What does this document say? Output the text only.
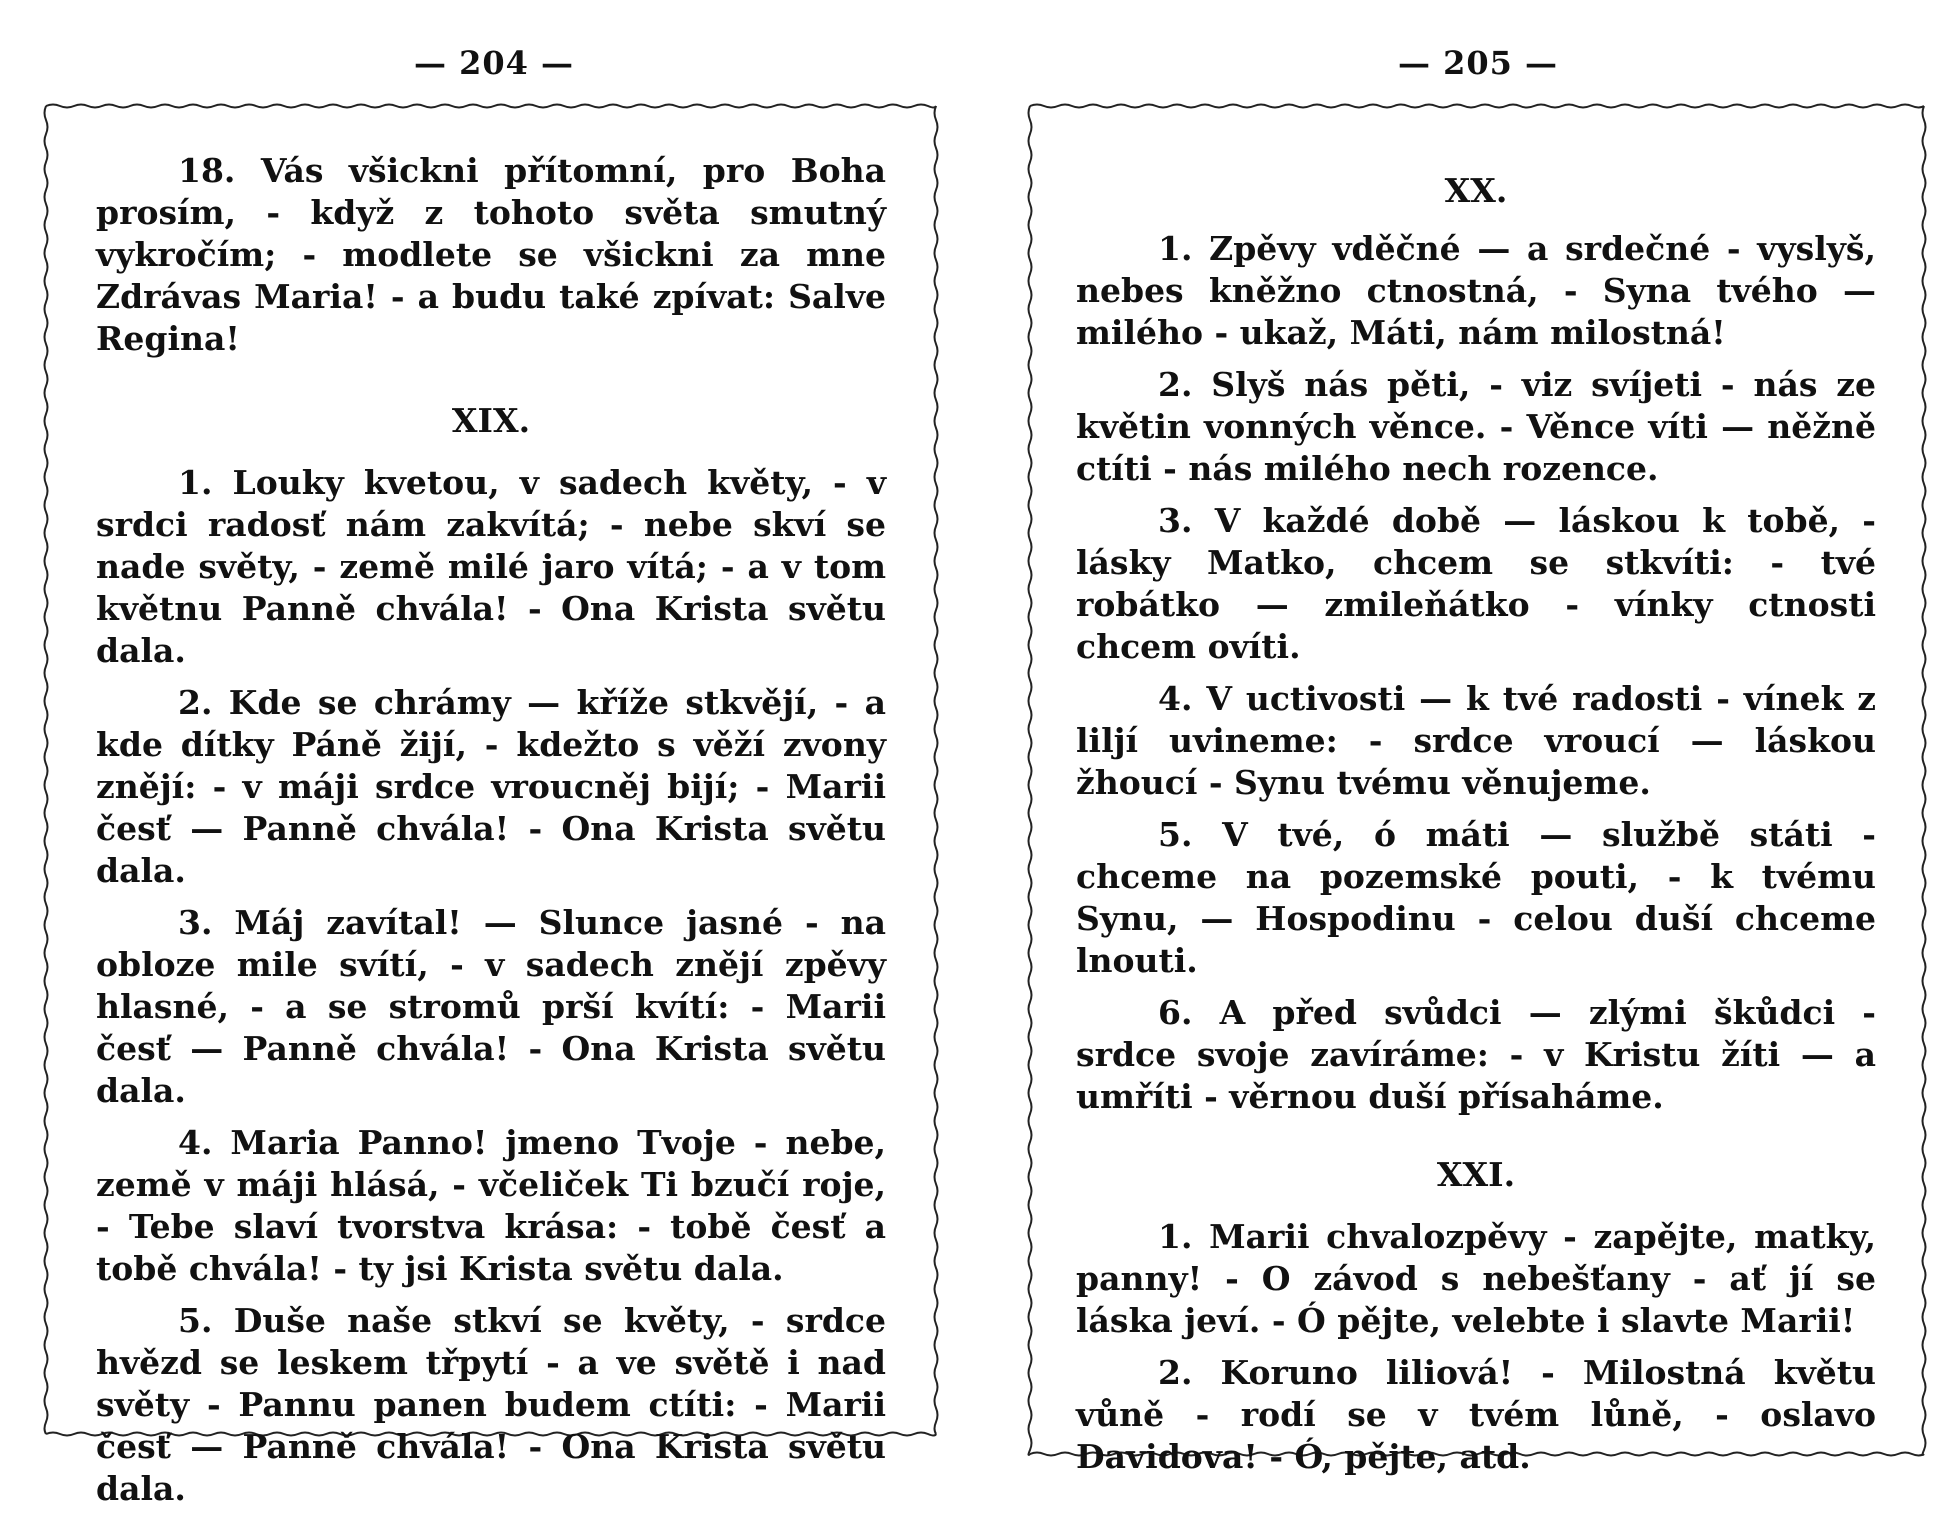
— 204 —

18. Vás všickni přítomní, pro Boha prosím, - když z tohoto světa smutný vykročím; - modlete se všickni za mne Zdrávas Maria! - a budu také zpívat: Salve Regina!

XIX.

1. Louky kvetou, v sadech květy, - v srdci radosť nám zakvítá; - nebe skví se nade světy, - země milé jaro vítá; - a v tom květnu Panně chvála! - Ona Krista světu dala.

2. Kde se chrámy — kříže stkvějí, - a kde dítky Páně žijí, - kdežto s věží zvony znějí: - v máji srdce vroucněj bijí; - Marii česť — Panně chvála! - Ona Krista světu dala.

3. Máj zavítal! — Slunce jasné - na obloze mile svítí, - v sadech znějí zpěvy hlasné, - a se stromů prší kvítí: - Marii česť — Panně chvála! - Ona Krista světu dala.

4. Maria Panno! jmeno Tvoje - nebe, země v máji hlásá, - včeliček Ti bzučí roje, - Tebe slaví tvorstva krása: - tobě česť a tobě chvála! - ty jsi Krista světu dala.

5. Duše naše stkví se květy, - srdce hvězd se leskem třpytí - a ve světě i nad světy - Pannu panen budem ctíti: - Marii česť — Panně chvála! - Ona Krista světu dala.

— 205 —

XX.

1. Zpěvy vděčné — a srdečné - vyslyš, nebes kněžno ctnostná, - Syna tvého — milého - ukaž, Máti, nám milostná!

2. Slyš nás pěti, - viz svíjeti - nás ze květin vonných věnce. - Věnce víti — něžně ctíti - nás milého nech rozence.

3. V každé době — láskou k tobě, - lásky Matko, chcem se stkvíti: - tvé robátko — zmileňátko - vínky ctnosti chcem ovíti.

4. V uctivosti — k tvé radosti - vínek z liljí uvineme: - srdce vroucí — láskou žhoucí - Synu tvému věnujeme.

5. V tvé, ó máti — službě státi - chceme na pozemské pouti, - k tvému Synu, — Hospodinu - celou duší chceme lnouti.

6. A před svůdci — zlými škůdci - srdce svoje zavíráme: - v Kristu žíti — a umříti - věrnou duší přísaháme.

XXI.

1. Marii chvalozpěvy - zapějte, matky, panny! - O závod s nebešťany - ať jí se láska jeví. - Ó pějte, velebte i slavte Marii!

2. Koruno liliová! - Milostná květu vůně - rodí se v tvém lůně, - oslavo Davidova! - Ó, pějte, atd.
